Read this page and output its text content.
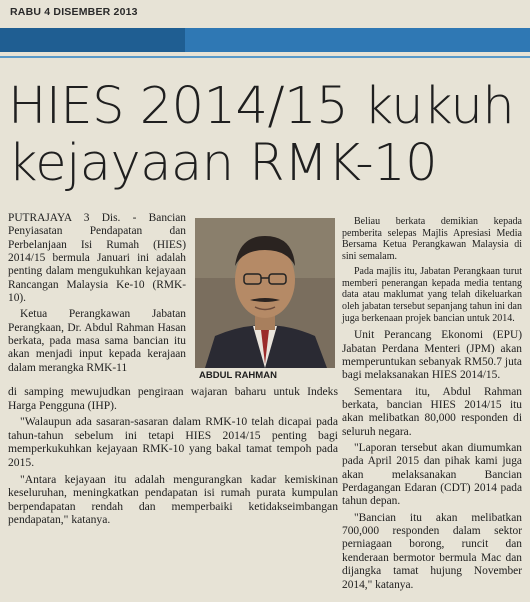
RABU 4 DISEMBER 2013
HIES 2014/15 kukuh
kejayaan RMK-10

PUTRAJAYA 3 Dis. - Bancian Penyiasatan Pendapatan dan Perbelanjaan Isi Rumah (HIES) 2014/15 bermula Januari ini adalah penting dalam mengukuhkan kejayaan Rancangan Malaysia Ke-10 (RMK-10).

Ketua Perangkawan Jabatan Perangkaan, Dr. Abdul Rahman Hasan berkata, pada masa sama bancian itu akan menjadi input kepada kerajaan dalam merangka RMK-11

ABDUL RAHMAN

di samping mewujudkan pengiraan wajaran baharu untuk Indeks Harga Pengguna (IHP).

"Walaupun ada sasaran-sasaran dalam RMK-10 telah dicapai pada tahun-tahun sebelum ini tetapi HIES 2014/15 penting bagi memperkukuhkan kejayaan RMK-10 yang bakal tamat tempoh pada 2015.

"Antara kejayaan itu adalah mengurangkan kadar kemiskinan keseluruhan, meningkatkan pendapatan isi rumah purata kumpulan berpendapatan rendah dan memperbaiki ketidakseimbangan pendapatan," katanya.

Beliau berkata demikian kepada pemberita selepas Majlis Apresiasi Media Bersama Ketua Perangkawan Malaysia di sini semalam.

Pada majlis itu, Jabatan Perangkaan turut memberi penerangan kepada media tentang data atau maklumat yang telah dikeluarkan oleh jabatan tersebut sepanjang tahun ini dan juga berkenaan projek bancian untuk 2014.

Unit Perancang Ekonomi (EPU) Jabatan Perdana Menteri (JPM) akan memperuntukan sebanyak RM50.7 juta bagi melaksanakan HIES 2014/15.

Sementara itu, Abdul Rahman berkata, bancian HIES 2014/15 itu akan melibatkan 80,000 responden di seluruh negara.

"Laporan tersebut akan diumumkan pada April 2015 dan pihak kami juga akan melaksanakan Bancian Perdagangan Edaran (CDT) 2014 pada tahun depan.

"Bancian itu akan melibatkan 700,000 responden dalam sektor perniagaan borong, runcit dan kenderaan bermotor bermula Mac dan dijangka tamat hujung November 2014," katanya.
